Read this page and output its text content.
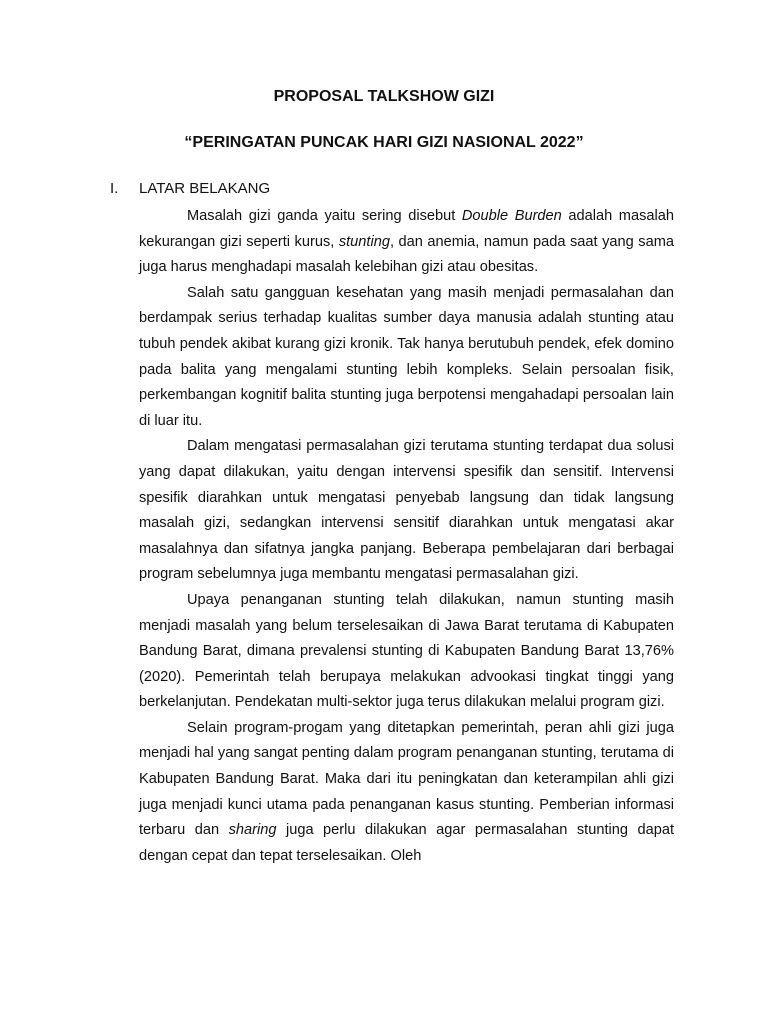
PROPOSAL TALKSHOW GIZI
“PERINGATAN PUNCAK HARI GIZI NASIONAL 2022”
I. LATAR BELAKANG

Masalah gizi ganda yaitu sering disebut Double Burden adalah masalah kekurangan gizi seperti kurus, stunting, dan anemia, namun pada saat yang sama juga harus menghadapi masalah kelebihan gizi atau obesitas.

Salah satu gangguan kesehatan yang masih menjadi permasalahan dan berdampak serius terhadap kualitas sumber daya manusia adalah stunting atau tubuh pendek akibat kurang gizi kronik. Tak hanya berutubuh pendek, efek domino pada balita yang mengalami stunting lebih kompleks. Selain persoalan fisik, perkembangan kognitif balita stunting juga berpotensi mengahadapi persoalan lain di luar itu.

Dalam mengatasi permasalahan gizi terutama stunting terdapat dua solusi yang dapat dilakukan, yaitu dengan intervensi spesifik dan sensitif. Intervensi spesifik diarahkan untuk mengatasi penyebab langsung dan tidak langsung masalah gizi, sedangkan intervensi sensitif diarahkan untuk mengatasi akar masalahnya dan sifatnya jangka panjang. Beberapa pembelajaran dari berbagai program sebelumnya juga membantu mengatasi permasalahan gizi.

Upaya penanganan stunting telah dilakukan, namun stunting masih menjadi masalah yang belum terselesaikan di Jawa Barat terutama di Kabupaten Bandung Barat, dimana prevalensi stunting di Kabupaten Bandung Barat 13,76% (2020). Pemerintah telah berupaya melakukan advookasi tingkat tinggi yang berkelanjutan. Pendekatan multi-sektor juga terus dilakukan melalui program gizi.

Selain program-progam yang ditetapkan pemerintah, peran ahli gizi juga menjadi hal yang sangat penting dalam program penanganan stunting, terutama di Kabupaten Bandung Barat. Maka dari itu peningkatan dan keterampilan ahli gizi juga menjadi kunci utama pada penanganan kasus stunting. Pemberian informasi terbaru dan sharing juga perlu dilakukan agar permasalahan stunting dapat dengan cepat dan tepat terselesaikan. Oleh
